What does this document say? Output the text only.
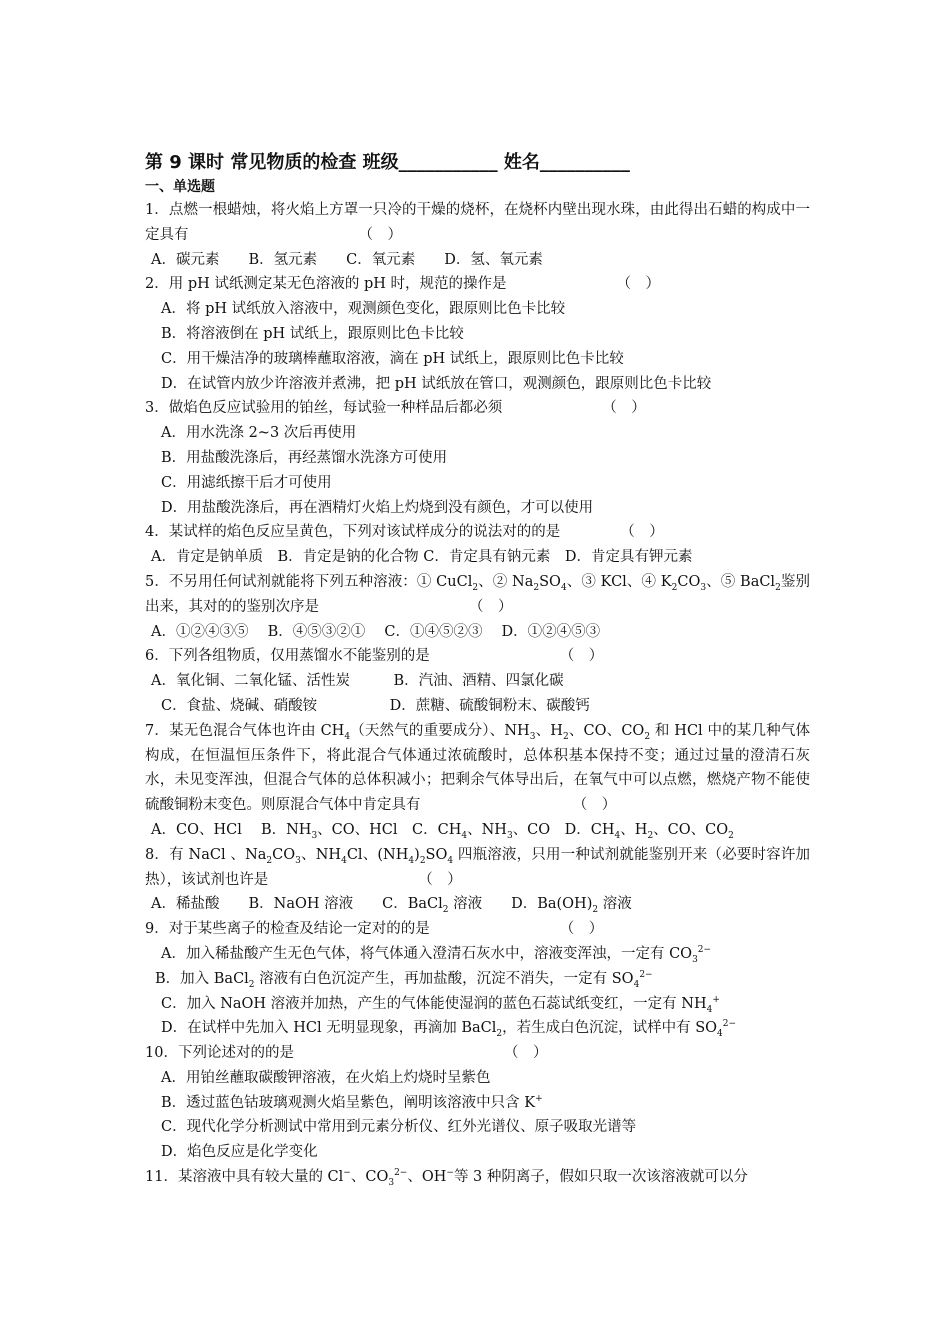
第 9 课时 常见物质的检查 班级___________ 姓名__________
一、单选题
1．点燃一根蜡烛，将火焰上方罩一只冷的干燥的烧杯，在烧杯内壁出现水珠，由此得出石蜡的构成中一定具有	（　）
A．碳元素　　B．氢元素　　C．氧元素　　D．氢、氧元素
2．用 pH 试纸测定某无色溶液的 pH 时，规范的操作是	（　）
A．将 pH 试纸放入溶液中，观测颜色变化，跟原则比色卡比较
B．将溶液倒在 pH 试纸上，跟原则比色卡比较
C．用干燥洁净的玻璃棒蘸取溶液，滴在 pH 试纸上，跟原则比色卡比较
D．在试管内放少许溶液并煮沸，把 pH 试纸放在管口，观测颜色，跟原则比色卡比较
3．做焰色反应试验用的铂丝，每试验一种样品后都必须	（　）
A．用水洗涤 2~3 次后再使用
B．用盐酸洗涤后，再经蒸馏水洗涤方可使用
C．用滤纸擦干后才可使用
D．用盐酸洗涤后，再在酒精灯火焰上灼烧到没有颜色，才可以使用
4．某试样的焰色反应呈黄色，下列对该试样成分的说法对的的是	（　）
A．肯定是钠单质　B．肯定是钠的化合物 C．肯定具有钠元素　D．肯定具有钾元素
5．不另用任何试剂就能将下列五种溶液：① CuCl$_2$、② $Na_2SO_4$、③ KCl、④ $K_2CO_3$、⑤ BaCl$_2$鉴别出来，其对的的鉴别次序是	（　）
A．①②④③⑤　 B．④⑤③②①　 C．①④⑤②③　 D．①②④⑤③
6．下列各组物质，仅用蒸馏水不能鉴别的是	（　）
A．氧化铜、二氧化锰、活性炭　　　B．汽油、酒精、四氯化碳
C．食盐、烧碱、硝酸铵　　　　　D．蔗糖、硫酸铜粉末、碳酸钙
7．某无色混合气体也许由 $CH_4$（天然气的重要成分）、$NH_3$、$H_2$、CO、$CO_2$ 和 HCl 中的某几种气体构成，在恒温恒压条件下，将此混合气体通过浓硫酸时，总体积基本保持不变；通过过量的澄清石灰水，未见变浑浊，但混合气体的总体积减小；把剩余气体导出后，在氧气中可以点燃，燃烧产物不能使硫酸铜粉末变色。则原混合气体中肯定具有　　　　　　　　　　　（　）
A．CO、HCl　 B．$NH_3$、CO、HCl　C．$CH_4$、$NH_3$、CO　D．$CH_4$、$H_2$、CO、$CO_2$
8．有 NaCl 、$Na_2CO_3$、$NH_4Cl$、$(NH_4)_2SO_4$ 四瓶溶液，只用一种试剂就能鉴别开来（必要时容许加热），该试剂也许是	（　）
A．稀盐酸　　B．NaOH 溶液　　C．BaCl$_2$ 溶液　　D．$Ba(OH)_2$ 溶液
9．对于某些离子的检查及结论一定对的的是	（　）
A．加入稀盐酸产生无色气体，将气体通入澄清石灰水中，溶液变浑浊，一定有 $CO_3^{2-}$
B．加入 BaCl$_2$ 溶液有白色沉淀产生，再加盐酸，沉淀不消失，一定有 $SO_4^{2-}$
C．加入 NaOH 溶液并加热，产生的气体能使湿润的蓝色石蕊试纸变红，一定有 $NH_4^+$
D．在试样中先加入 HCl 无明显现象，再滴加 BaCl$_2$，若生成白色沉淀，试样中有 $SO_4^{2-}$
10．下列论述对的的是	（　）
A．用铂丝蘸取碳酸钾溶液，在火焰上灼烧时呈紫色
B．透过蓝色钴玻璃观测火焰呈紫色，阐明该溶液中只含 K+
C．现代化学分析测试中常用到元素分析仪、红外光谱仪、原子吸取光谱等
D．焰色反应是化学变化
11．某溶液中具有较大量的 Cl−、$CO_3^{2-}$、OH−等 3 种阴离子，假如只取一次该溶液就可以分
